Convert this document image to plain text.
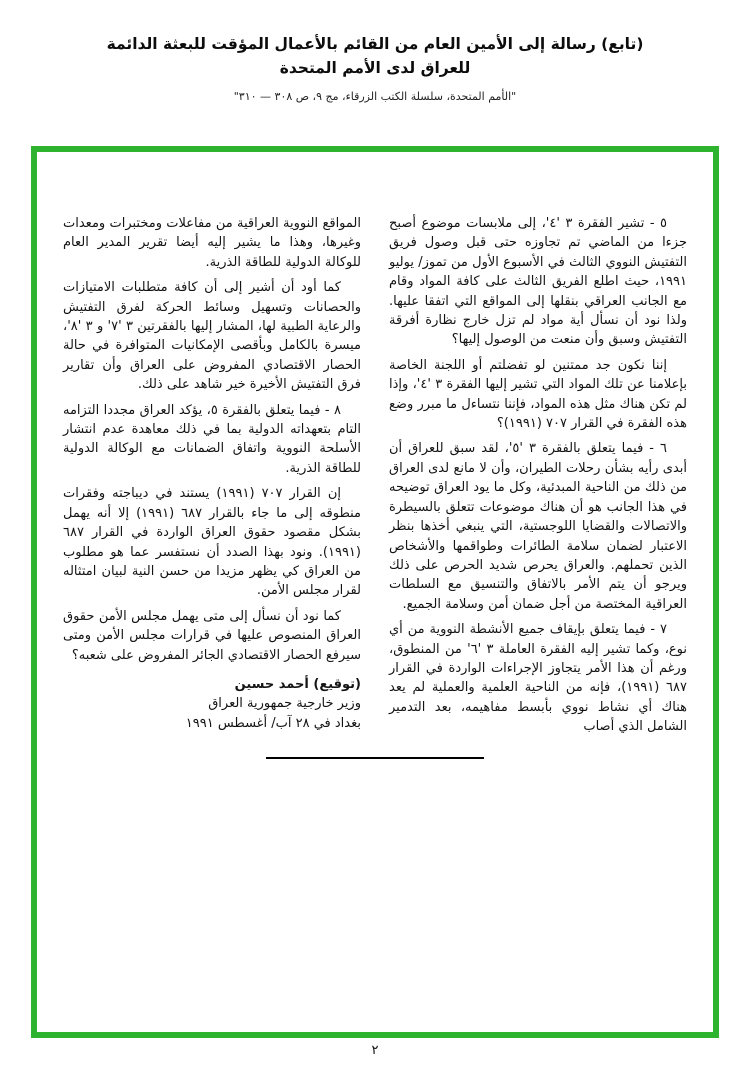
(تابع) رسالة إلى الأمين العام من القائم بالأعمال المؤقت للبعثة الدائمة
للعراق لدى الأمم المتحدة
"الأمم المتحدة، سلسلة الكتب الزرقاء، مج ٩، ص ٣٠٨ — ٣١٠"
٥ - تشير الفقرة ٣ '٤'، إلى ملابسات موضوع أصبح جزءا من الماضي تم تجاوزه حتى قبل وصول فريق التفتيش النووي الثالث في الأسبوع الأول من تموز/ يوليو ١٩٩١، حيث اطلع الفريق الثالث على كافة المواد وقام مع الجانب العراقي بنقلها إلى المواقع التي اتفقا عليها. ولذا نود أن نسأل أية مواد لم تزل خارج نظارة أفرقة التفتيش وسبق وأن منعت من الوصول إليها؟
إننا نكون جد ممتنين لو تفضلتم أو اللجنة الخاصة بإعلامنا عن تلك المواد التي تشير إليها الفقرة ٣ '٤'، وإذا لم تكن هناك مثل هذه المواد، فإننا نتساءل ما مبرر وضع هذه الفقرة في القرار ٧٠٧ (١٩٩١)؟
٦ - فيما يتعلق بالفقرة ٣ '٥'، لقد سبق للعراق أن أبدى رأيه بشأن رحلات الطيران، وأن لا مانع لدى العراق من ذلك من الناحية المبدئية، وكل ما يود العراق توضيحه في هذا الجانب هو أن هناك موضوعات تتعلق بالسيطرة والاتصالات والقضايا اللوجستية، التي ينبغي أخذها بنظر الاعتبار لضمان سلامة الطائرات وطواقمها والأشخاص الذين تحملهم. والعراق يحرص شديد الحرص على ذلك ويرجو أن يتم الأمر بالاتفاق والتنسيق مع السلطات العراقية المختصة من أجل ضمان أمن وسلامة الجميع.
٧ - فيما يتعلق بإيقاف جميع الأنشطة النووية من أي نوع، وكما تشير إليه الفقرة العاملة ٣ '٦' من المنطوق، ورغم أن هذا الأمر يتجاوز الإجراءات الواردة في القرار ٦٨٧ (١٩٩١)، فإنه من الناحية العلمية والعملية لم يعد هناك أي نشاط نووي بأبسط مفاهيمه، بعد التدمير الشامل الذي أصاب
المواقع النووية العراقية من مفاعلات ومختبرات ومعدات وغيرها، وهذا ما يشير إليه أيضا تقرير المدير العام للوكالة الدولية للطاقة الذرية.
كما أود أن أشير إلى أن كافة متطلبات الامتيازات والحصانات وتسهيل وسائط الحركة لفرق التفتيش والرعاية الطبية لها، المشار إليها بالفقرتين ٣ '٧' و ٣ '٨'، ميسرة بالكامل وبأقصى الإمكانيات المتوافرة في حالة الحصار الاقتصادي المفروض على العراق وأن تقارير فرق التفتيش الأخيرة خير شاهد على ذلك.
٨ - فيما يتعلق بالفقرة ٥، يؤكد العراق مجددا التزامه التام بتعهداته الدولية بما في ذلك معاهدة عدم انتشار الأسلحة النووية واتفاق الضمانات مع الوكالة الدولية للطاقة الذرية.
إن القرار ٧٠٧ (١٩٩١) يستند في ديباجته وفقرات منطوقه إلى ما جاء بالقرار ٦٨٧ (١٩٩١) إلا أنه يهمل بشكل مقصود حقوق العراق الواردة في القرار ٦٨٧ (١٩٩١). ونود بهذا الصدد أن نستفسر عما هو مطلوب من العراق كي يظهر مزيدا من حسن النية لبيان امتثاله لقرار مجلس الأمن.
كما نود أن نسأل إلى متى يهمل مجلس الأمن حقوق العراق المنصوص عليها في قرارات مجلس الأمن ومتى سيرفع الحصار الاقتصادي الجائر المفروض على شعبه؟
(توقيع) أحمد حسين
وزير خارجية جمهورية العراق
بغداد في ٢٨ آب/ أغسطس ١٩٩١
٢
